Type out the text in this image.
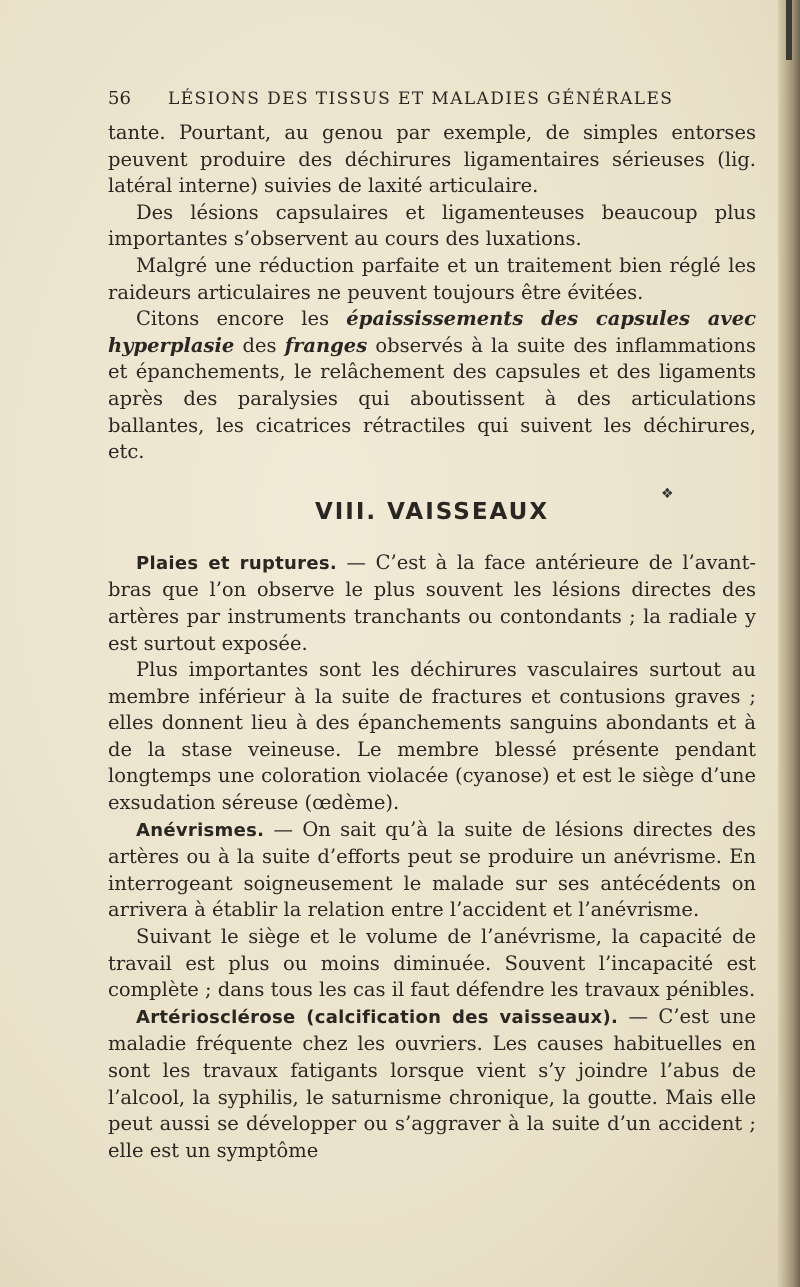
56	LÉSIONS DES TISSUS ET MALADIES GÉNÉRALES

tante. Pourtant, au genou par exemple, de simples entorses peuvent produire des déchirures ligamentaires sérieuses (lig. latéral interne) suivies de laxité articulaire.

Des lésions capsulaires et ligamenteuses beaucoup plus importantes s’observent au cours des luxations.

Malgré une réduction parfaite et un traitement bien réglé les raideurs articulaires ne peuvent toujours être évitées.

Citons encore les épaississements des capsules avec hyperplasie des franges observés à la suite des inflammations et épanchements, le relâchement des capsules et des ligaments après des paralysies qui aboutissent à des articulations ballantes, les cicatrices rétractiles qui suivent les déchirures, etc.

❖
VIII. VAISSEAUX

Plaies et ruptures. — C’est à la face antérieure de l’avant-bras que l’on observe le plus souvent les lésions directes des artères par instruments tranchants ou contondants ; la radiale y est surtout exposée.

Plus importantes sont les déchirures vasculaires surtout au membre inférieur à la suite de fractures et contusions graves ; elles donnent lieu à des épanchements sanguins abondants et à de la stase veineuse. Le membre blessé présente pendant longtemps une coloration violacée (cyanose) et est le siège d’une exsudation séreuse (œdème).

Anévrismes. — On sait qu’à la suite de lésions directes des artères ou à la suite d’efforts peut se produire un anévrisme. En interrogeant soigneusement le malade sur ses antécédents on arrivera à établir la relation entre l’accident et l’anévrisme.

Suivant le siège et le volume de l’anévrisme, la capacité de travail est plus ou moins diminuée. Souvent l’incapacité est complète ; dans tous les cas il faut défendre les travaux pénibles.

Artériosclérose (calcification des vaisseaux). — C’est une maladie fréquente chez les ouvriers. Les causes habituelles en sont les travaux fatigants lorsque vient s’y joindre l’abus de l’alcool, la syphilis, le saturnisme chronique, la goutte. Mais elle peut aussi se développer ou s’aggraver à la suite d’un accident ; elle est un symptôme
